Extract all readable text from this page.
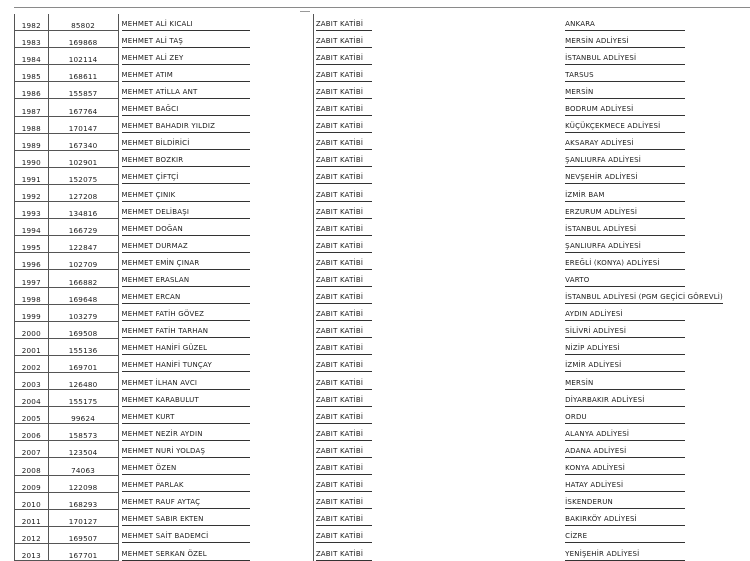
1982	85802	MEHMET ALİ KICALI	ZABIT KATİBİ	ANKARA
1983	169868	MEHMET ALİ TAŞ	ZABIT KATİBİ	MERSİN ADLİYESİ
1984	102114	MEHMET ALİ ZEY	ZABIT KATİBİ	İSTANBUL ADLİYESİ
1985	168611	MEHMET ATIM	ZABIT KATİBİ	TARSUS
1986	155857	MEHMET ATİLLA ANT	ZABIT KATİBİ	MERSİN
1987	167764	MEHMET BAĞCI	ZABIT KATİBİ	BODRUM ADLİYESİ
1988	170147	MEHMET BAHADIR YILDIZ	ZABIT KATİBİ	KÜÇÜKÇEKMECE ADLİYESİ
1989	167340	MEHMET BİLDİRİCİ	ZABIT KATİBİ	AKSARAY ADLİYESİ
1990	102901	MEHMET BOZKIR	ZABIT KATİBİ	ŞANLIURFA ADLİYESİ
1991	152075	MEHMET ÇİFTÇİ	ZABIT KATİBİ	NEVŞEHİR ADLİYESİ
1992	127208	MEHMET ÇINIK	ZABIT KATİBİ	İZMİR BAM
1993	134816	MEHMET DELİBAŞI	ZABIT KATİBİ	ERZURUM ADLİYESİ
1994	166729	MEHMET DOĞAN	ZABIT KATİBİ	İSTANBUL ADLİYESİ
1995	122847	MEHMET DURMAZ	ZABIT KATİBİ	ŞANLIURFA ADLİYESİ
1996	102709	MEHMET EMİN ÇINAR	ZABIT KATİBİ	EREĞLİ (KONYA) ADLİYESİ
1997	166882	MEHMET ERASLAN	ZABIT KATİBİ	VARTO
1998	169648	MEHMET ERCAN	ZABIT KATİBİ	İSTANBUL ADLİYESİ (PGM GEÇİCİ GÖREVLİ)
1999	103279	MEHMET FATİH GÖVEZ	ZABIT KATİBİ	AYDIN ADLİYESİ
2000	169508	MEHMET FATİH TARHAN	ZABIT KATİBİ	SİLİVRİ ADLİYESİ
2001	155136	MEHMET HANİFİ GÜZEL	ZABIT KATİBİ	NİZİP ADLİYESİ
2002	169701	MEHMET HANİFİ TUNÇAY	ZABIT KATİBİ	İZMİR ADLİYESİ
2003	126480	MEHMET İLHAN AVCI	ZABIT KATİBİ	MERSİN
2004	155175	MEHMET KARABULUT	ZABIT KATİBİ	DİYARBAKIR ADLİYESİ
2005	99624	MEHMET KURT	ZABIT KATİBİ	ORDU
2006	158573	MEHMET NEZİR AYDIN	ZABIT KATİBİ	ALANYA ADLİYESİ
2007	123504	MEHMET NURİ YOLDAŞ	ZABIT KATİBİ	ADANA ADLİYESİ
2008	74063	MEHMET ÖZEN	ZABIT KATİBİ	KONYA ADLİYESİ
2009	122098	MEHMET PARLAK	ZABIT KATİBİ	HATAY ADLİYESİ
2010	168293	MEHMET RAUF AYTAÇ	ZABIT KATİBİ	İSKENDERUN
2011	170127	MEHMET SABIR EKTEN	ZABIT KATİBİ	BAKIRKÖY ADLİYESİ
2012	169507	MEHMET SAİT BADEMCİ	ZABIT KATİBİ	CİZRE
2013	167701	MEHMET SERKAN ÖZEL	ZABIT KATİBİ	YENİŞEHİR ADLİYESİ
